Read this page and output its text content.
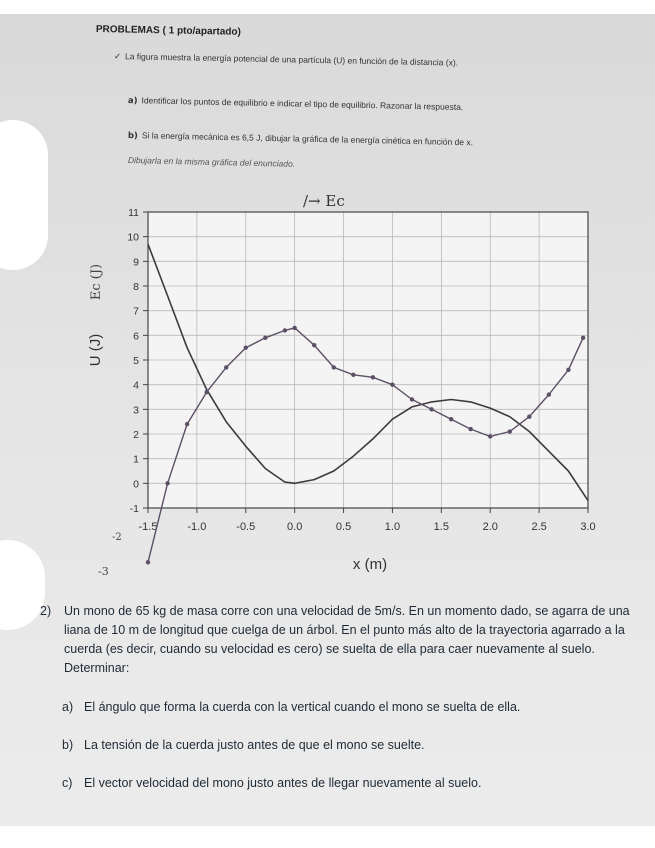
PROBLEMAS ( 1 pto/apartado)
✓ La figura muestra la energía potencial de una partícula (U) en función de la distancia (x).
a) Identificar los puntos de equilibrio e indicar el tipo de equilibrio. Razonar la respuesta.
b) Si la energía mecánica es 6,5 J, dibujar la gráfica de la energía cinética en función de x.
Dibujarla en la misma gráfica del enunciado.
/→ Ec
-1.5	-1.0	-0.5	0.0	0.5	1.0	1.5	2.0	2.5	3.0
-1
0
1
2
3
4
5
6
7
8
9
10
11
x (m)
U (J)
Ec (J)
-2
-3
2) Un mono de 65 kg de masa corre con una velocidad de 5m/s. En un momento dado, se agarra de una liana de 10 m de longitud que cuelga de un árbol. En el punto más alto de la trayectoria agarrado a la cuerda (es decir, cuando su velocidad es cero) se suelta de ella para caer nuevamente al suelo. Determinar:
a) El ángulo que forma la cuerda con la vertical cuando el mono se suelta de ella.
b) La tensión de la cuerda justo antes de que el mono se suelte.
c) El vector velocidad del mono justo antes de llegar nuevamente al suelo.
